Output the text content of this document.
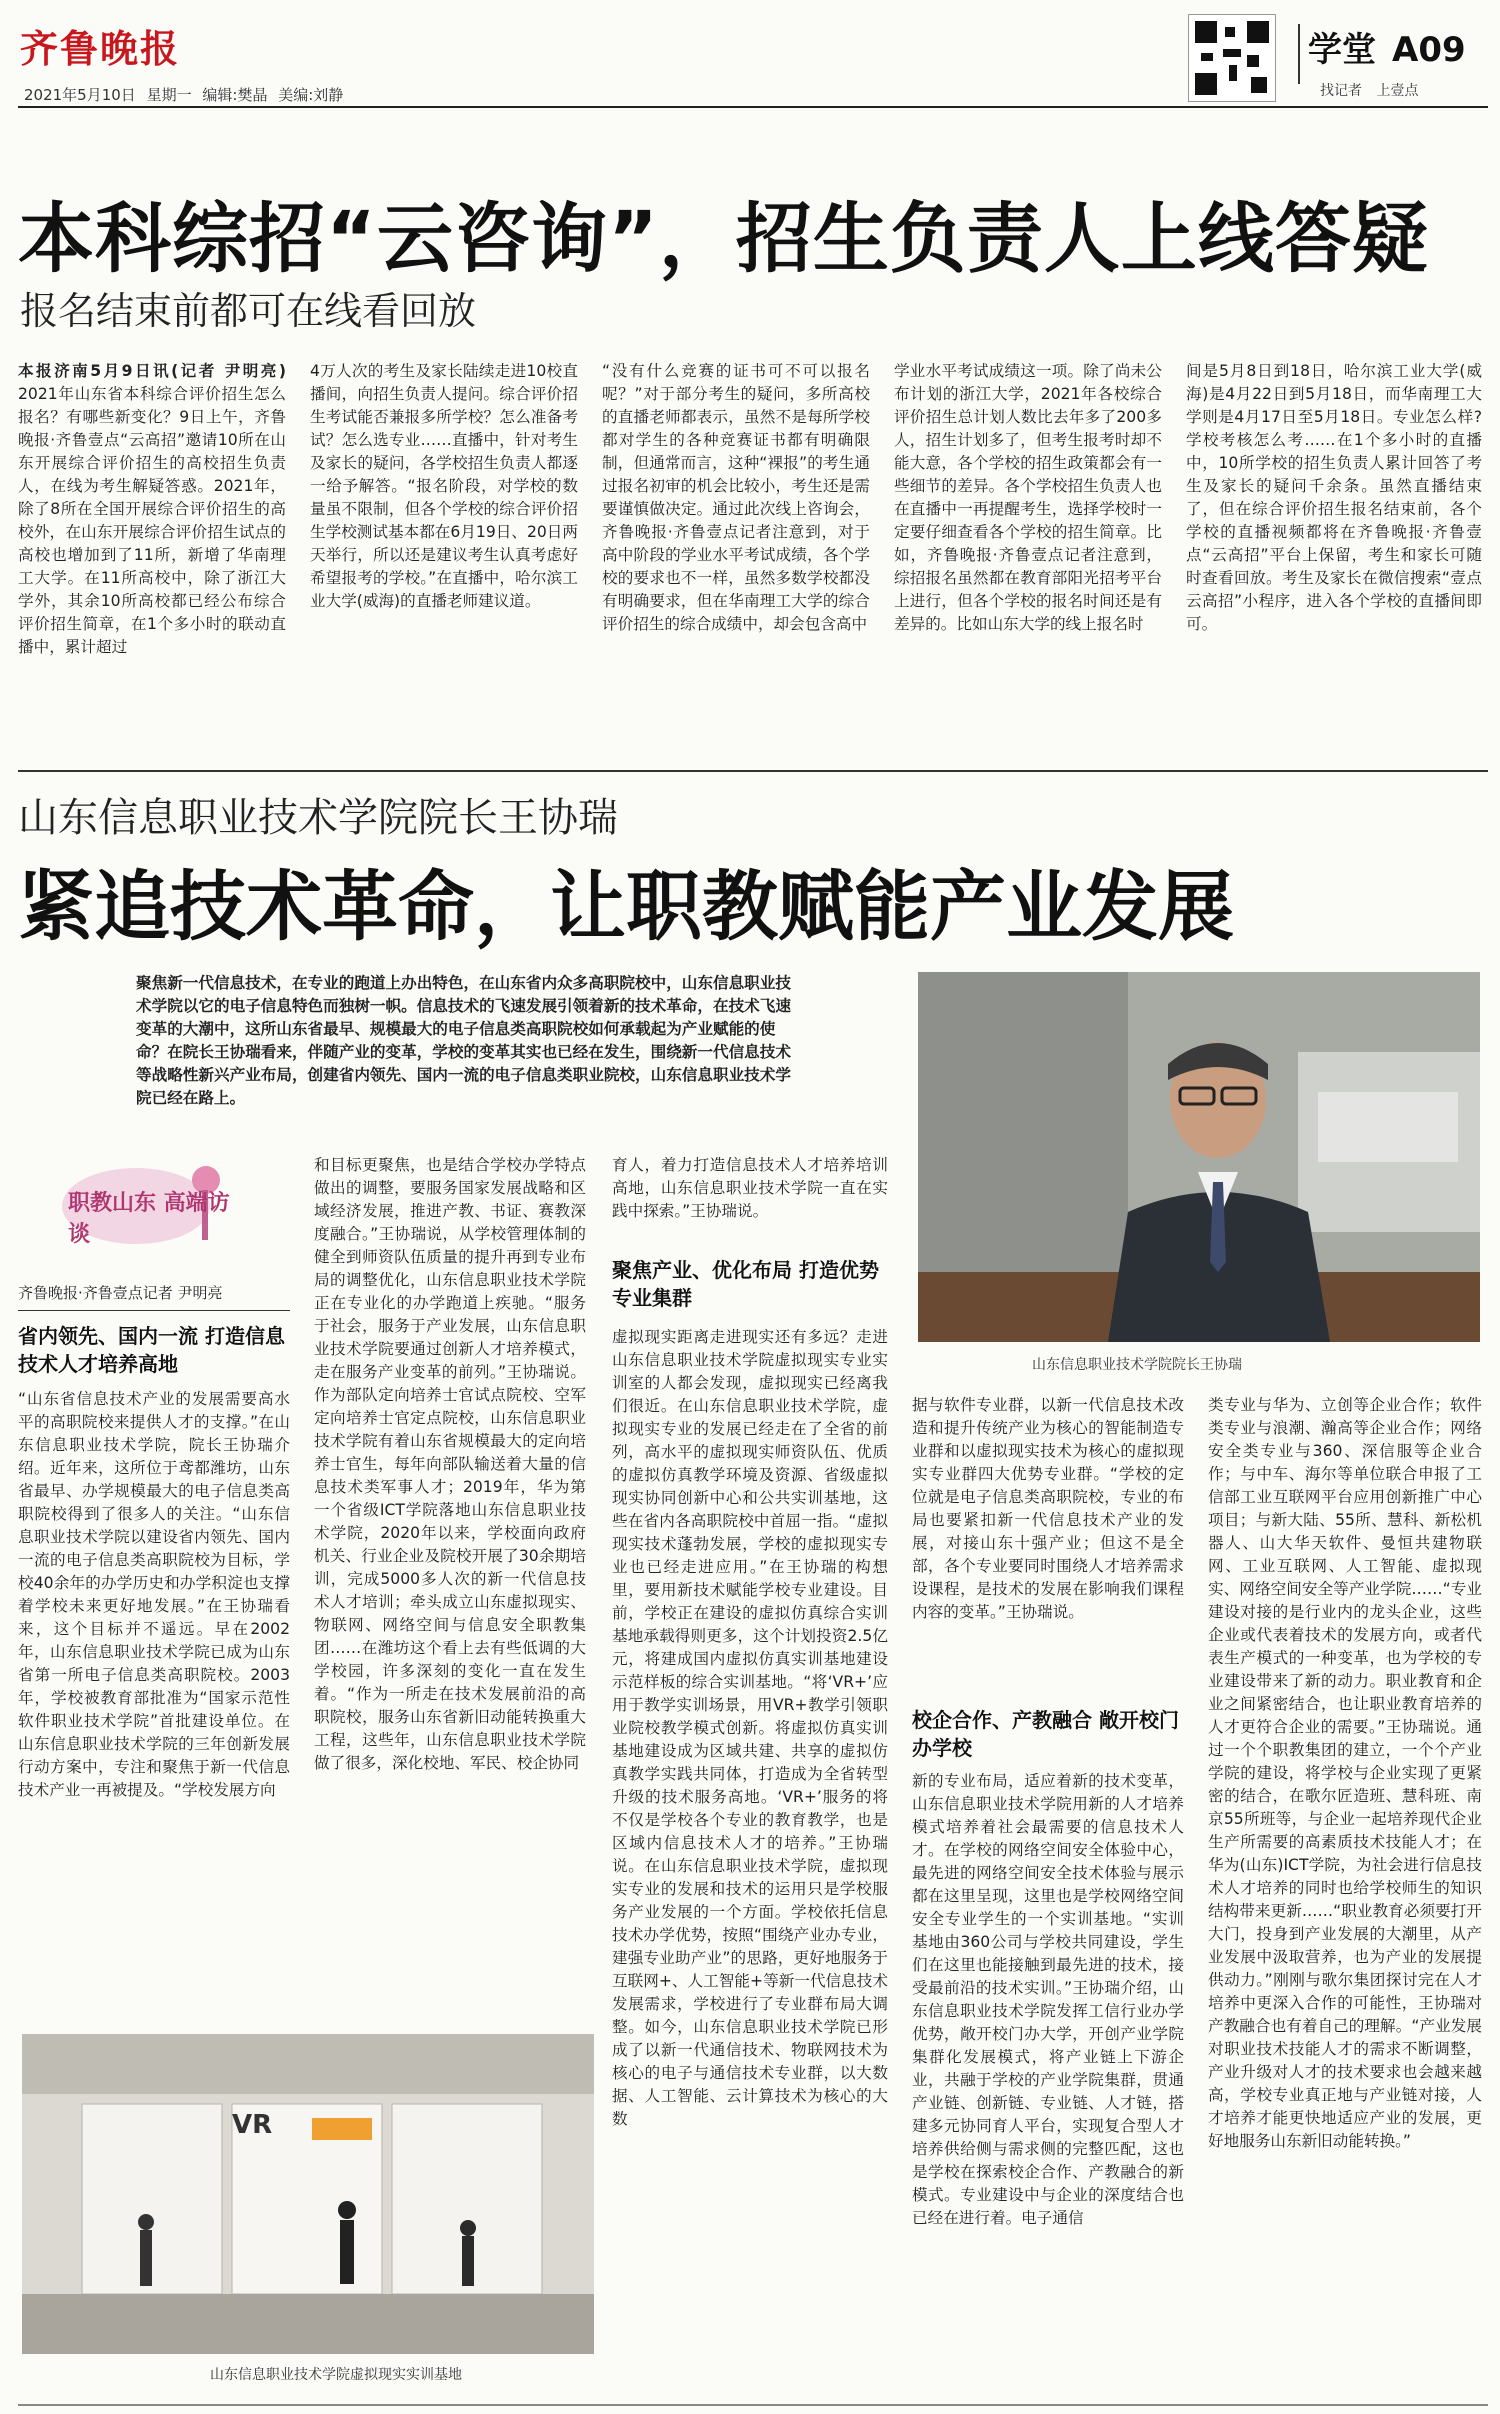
齐鲁晚报
2021年5月10日 星期一 编辑:樊晶 美编:刘静
学堂 A09
找记者 上壹点
本科综招“云咨询”，招生负责人上线答疑
报名结束前都可在线看回放
本报济南5月9日讯(记者 尹明亮) 2021年山东省本科综合评价招生怎么报名？有哪些新变化？9日上午，齐鲁晚报·齐鲁壹点“云高招”邀请10所在山东开展综合评价招生的高校招生负责人，在线为考生解疑答惑。2021年，除了8所在全国开展综合评价招生的高校外，在山东开展综合评价招生试点的高校也增加到了11所，新增了华南理工大学。在11所高校中，除了浙江大学外，其余10所高校都已经公布综合评价招生简章，在1个多小时的联动直播中，累计超过
4万人次的考生及家长陆续走进10校直播间，向招生负责人提问。综合评价招生考试能否兼报多所学校？怎么准备考试？怎么选专业……直播中，针对考生及家长的疑问，各学校招生负责人都逐一给予解答。“报名阶段，对学校的数量虽不限制，但各个学校的综合评价招生学校测试基本都在6月19日、20日两天举行，所以还是建议考生认真考虑好希望报考的学校。”在直播中，哈尔滨工业大学(威海)的直播老师建议道。
“没有什么竞赛的证书可不可以报名呢？”对于部分考生的疑问，多所高校的直播老师都表示，虽然不是每所学校都对学生的各种竞赛证书都有明确限制，但通常而言，这种“裸报”的考生通过报名初审的机会比较小，考生还是需要谨慎做决定。通过此次线上咨询会，齐鲁晚报·齐鲁壹点记者注意到，对于高中阶段的学业水平考试成绩，各个学校的要求也不一样，虽然多数学校都没有明确要求，但在华南理工大学的综合评价招生的综合成绩中，却会包含高中
学业水平考试成绩这一项。除了尚未公布计划的浙江大学，2021年各校综合评价招生总计划人数比去年多了200多人，招生计划多了，但考生报考时却不能大意，各个学校的招生政策都会有一些细节的差异。各个学校招生负责人也在直播中一再提醒考生，选择学校时一定要仔细查看各个学校的招生简章。比如，齐鲁晚报·齐鲁壹点记者注意到，综招报名虽然都在教育部阳光招考平台上进行，但各个学校的报名时间还是有差异的。比如山东大学的线上报名时
间是5月8日到18日，哈尔滨工业大学(威海)是4月22日到5月18日，而华南理工大学则是4月17日至5月18日。专业怎么样?学校考核怎么考……在1个多小时的直播中，10所学校的招生负责人累计回答了考生及家长的疑问千余条。虽然直播结束了，但在综合评价招生报名结束前，各个学校的直播视频都将在齐鲁晚报·齐鲁壹点“云高招”平台上保留，考生和家长可随时查看回放。考生及家长在微信搜索“壹点云高招”小程序，进入各个学校的直播间即可。
山东信息职业技术学院院长王协瑞
紧追技术革命，让职教赋能产业发展
聚焦新一代信息技术，在专业的跑道上办出特色，在山东省内众多高职院校中，山东信息职业技术学院以它的电子信息特色而独树一帜。信息技术的飞速发展引领着新的技术革命，在技术飞速变革的大潮中，这所山东省最早、规模最大的电子信息类高职院校如何承载起为产业赋能的使命？在院长王协瑞看来，伴随产业的变革，学校的变革其实也已经在发生，围绕新一代信息技术等战略性新兴产业布局，创建省内领先、国内一流的电子信息类职业院校，山东信息职业技术学院已经在路上。
山东信息职业技术学院院长王协瑞
职教山东 高端访谈
齐鲁晚报·齐鲁壹点记者 尹明亮
省内领先、国内一流 打造信息技术人才培养高地
“山东省信息技术产业的发展需要高水平的高职院校来提供人才的支撑。”在山东信息职业技术学院，院长王协瑞介绍。近年来，这所位于鸢都潍坊，山东省最早、办学规模最大的电子信息类高职院校得到了很多人的关注。“山东信息职业技术学院以建设省内领先、国内一流的电子信息类高职院校为目标，学校40余年的办学历史和办学积淀也支撑着学校未来更好地发展。”在王协瑞看来，这个目标并不遥远。早在2002年，山东信息职业技术学院已成为山东省第一所电子信息类高职院校。2003年，学校被教育部批准为“国家示范性软件职业技术学院”首批建设单位。在山东信息职业技术学院的三年创新发展行动方案中，专注和聚焦于新一代信息技术产业一再被提及。“学校发展方向
和目标更聚焦，也是结合学校办学特点做出的调整，要服务国家发展战略和区域经济发展，推进产教、书证、赛教深度融合。”王协瑞说，从学校管理体制的健全到师资队伍质量的提升再到专业布局的调整优化，山东信息职业技术学院正在专业化的办学跑道上疾驰。“服务于社会，服务于产业发展，山东信息职业技术学院要通过创新人才培养模式，走在服务产业变革的前列。”王协瑞说。作为部队定向培养士官试点院校、空军定向培养士官定点院校，山东信息职业技术学院有着山东省规模最大的定向培养士官生，每年向部队输送着大量的信息技术类军事人才；2019年，华为第一个省级ICT学院落地山东信息职业技术学院，2020年以来，学校面向政府机关、行业企业及院校开展了30余期培训，完成5000多人次的新一代信息技术人才培训；牵头成立山东虚拟现实、物联网、网络空间与信息安全职教集团……在潍坊这个看上去有些低调的大学校园，许多深刻的变化一直在发生着。“作为一所走在技术发展前沿的高职院校，服务山东省新旧动能转换重大工程，这些年，山东信息职业技术学院做了很多，深化校地、军民、校企协同
育人，着力打造信息技术人才培养培训高地，山东信息职业技术学院一直在实践中探索。”王协瑞说。
聚焦产业、优化布局 打造优势专业集群
虚拟现实距离走进现实还有多远？走进山东信息职业技术学院虚拟现实专业实训室的人都会发现，虚拟现实已经离我们很近。在山东信息职业技术学院，虚拟现实专业的发展已经走在了全省的前列，高水平的虚拟现实师资队伍、优质的虚拟仿真教学环境及资源、省级虚拟现实协同创新中心和公共实训基地，这些在省内各高职院校中首屈一指。“虚拟现实技术蓬勃发展，学校的虚拟现实专业也已经走进应用。”在王协瑞的构想里，要用新技术赋能学校专业建设。目前，学校正在建设的虚拟仿真综合实训基地承载得则更多，这个计划投资2.5亿元，将建成国内虚拟仿真实训基地建设示范样板的综合实训基地。“将‘VR+’应用于教学实训场景，用VR+教学引领职业院校教学模式创新。将虚拟仿真实训基地建设成为区域共建、共享的虚拟仿真教学实践共同体，打造成为全省转型升级的技术服务高地。‘VR+’服务的将不仅是学校各个专业的教育教学，也是区域内信息技术人才的培养。”王协瑞说。在山东信息职业技术学院，虚拟现实专业的发展和技术的运用只是学校服务产业发展的一个方面。学校依托信息技术办学优势，按照“围绕产业办专业，建强专业助产业”的思路，更好地服务于互联网+、人工智能+等新一代信息技术发展需求，学校进行了专业群布局大调整。如今，山东信息职业技术学院已形成了以新一代通信技术、物联网技术为核心的电子与通信技术专业群，以大数据、人工智能、云计算技术为核心的大数
据与软件专业群，以新一代信息技术改造和提升传统产业为核心的智能制造专业群和以虚拟现实技术为核心的虚拟现实专业群四大优势专业群。“学校的定位就是电子信息类高职院校，专业的布局也要紧扣新一代信息技术产业的发展，对接山东十强产业；但这不是全部，各个专业要同时围绕人才培养需求设课程，是技术的发展在影响我们课程内容的变革。”王协瑞说。
校企合作、产教融合 敞开校门办学校
新的专业布局，适应着新的技术变革，山东信息职业技术学院用新的人才培养模式培养着社会最需要的信息技术人才。在学校的网络空间安全体验中心，最先进的网络空间安全技术体验与展示都在这里呈现，这里也是学校网络空间安全专业学生的一个实训基地。“实训基地由360公司与学校共同建设，学生们在这里也能接触到最先进的技术，接受最前沿的技术实训。”王协瑞介绍，山东信息职业技术学院发挥工信行业办学优势，敞开校门办大学，开创产业学院集群化发展模式，将产业链上下游企业，共融于学校的产业学院集群，贯通产业链、创新链、专业链、人才链，搭建多元协同育人平台，实现复合型人才培养供给侧与需求侧的完整匹配，这也是学校在探索校企合作、产教融合的新模式。专业建设中与企业的深度结合也已经在进行着。电子通信
类专业与华为、立创等企业合作；软件类专业与浪潮、瀚高等企业合作；网络安全类专业与360、深信服等企业合作；与中车、海尔等单位联合申报了工信部工业互联网平台应用创新推广中心项目；与新大陆、55所、慧科、新松机器人、山大华天软件、曼恒共建物联网、工业互联网、人工智能、虚拟现实、网络空间安全等产业学院……“专业建设对接的是行业内的龙头企业，这些企业或代表着技术的发展方向，或者代表生产模式的一种变革，也为学校的专业建设带来了新的动力。职业教育和企业之间紧密结合，也让职业教育培养的人才更符合企业的需要。”王协瑞说。通过一个个职教集团的建立，一个个产业学院的建设，将学校与企业实现了更紧密的结合，在歌尔匠造班、慧科班、南京55所班等，与企业一起培养现代企业生产所需要的高素质技术技能人才；在华为(山东)ICT学院，为社会进行信息技术人才培养的同时也给学校师生的知识结构带来更新……“职业教育必须要打开大门，投身到产业发展的大潮里，从产业发展中汲取营养，也为产业的发展提供动力。”刚刚与歌尔集团探讨完在人才培养中更深入合作的可能性，王协瑞对产教融合也有着自己的理解。“产业发展对职业技术技能人才的需求不断调整，产业升级对人才的技术要求也会越来越高，学校专业真正地与产业链对接，人才培养才能更快地适应产业的发展，更好地服务山东新旧动能转换。”
VR
山东信息职业技术学院虚拟现实实训基地
